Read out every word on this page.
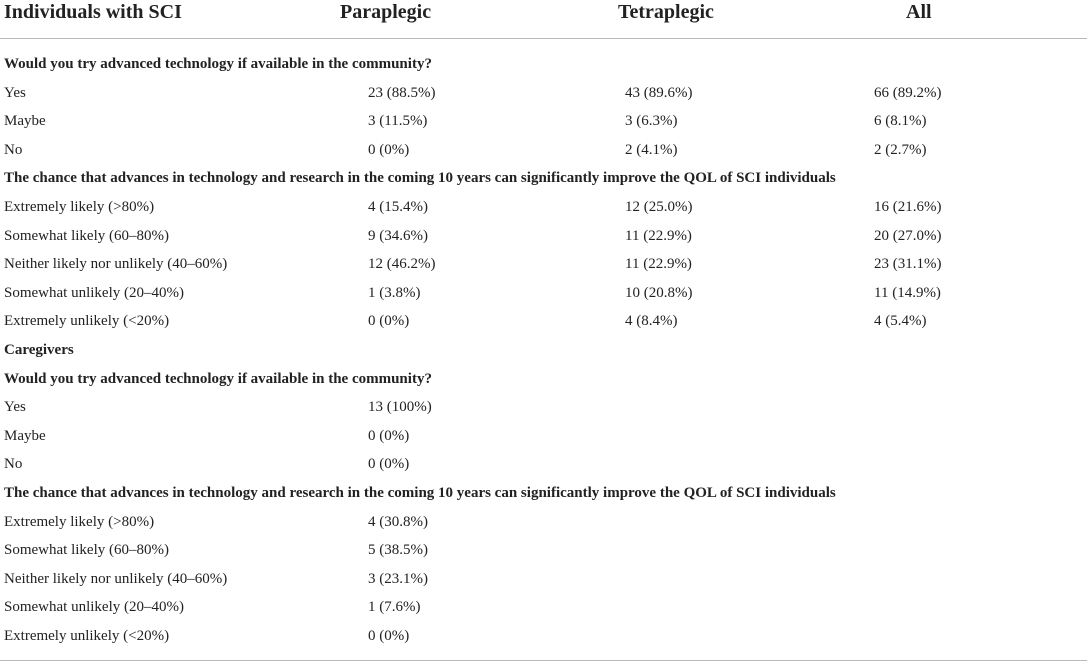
Individuals with SCI	Paraplegic	Tetraplegic	All
Would you try advanced technology if available in the community?
Yes	23 (88.5%)	43 (89.6%)	66 (89.2%)
Maybe	3 (11.5%)	3 (6.3%)	6 (8.1%)
No	0 (0%)	2 (4.1%)	2 (2.7%)
The chance that advances in technology and research in the coming 10 years can significantly improve the QOL of SCI individuals
Extremely likely (>80%)	4 (15.4%)	12 (25.0%)	16 (21.6%)
Somewhat likely (60–80%)	9 (34.6%)	11 (22.9%)	20 (27.0%)
Neither likely nor unlikely (40–60%)	12 (46.2%)	11 (22.9%)	23 (31.1%)
Somewhat unlikely (20–40%)	1 (3.8%)	10 (20.8%)	11 (14.9%)
Extremely unlikely (<20%)	0 (0%)	4 (8.4%)	4 (5.4%)
Caregivers
Would you try advanced technology if available in the community?
Yes	13 (100%)
Maybe	0 (0%)
No	0 (0%)
The chance that advances in technology and research in the coming 10 years can significantly improve the QOL of SCI individuals
Extremely likely (>80%)	4 (30.8%)
Somewhat likely (60–80%)	5 (38.5%)
Neither likely nor unlikely (40–60%)	3 (23.1%)
Somewhat unlikely (20–40%)	1 (7.6%)
Extremely unlikely (<20%)	0 (0%)
